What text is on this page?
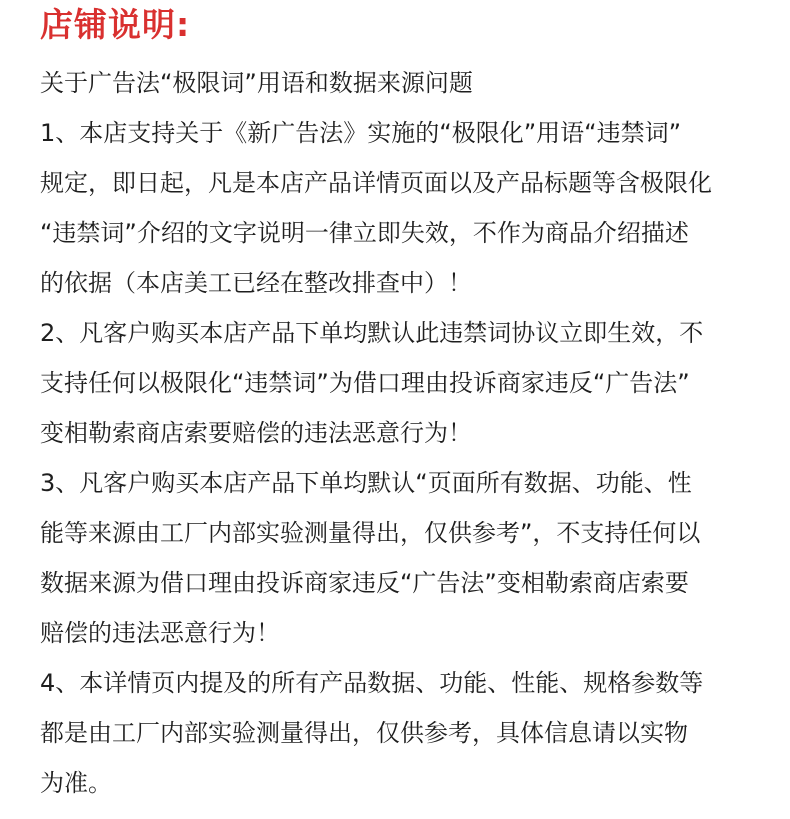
店铺说明:
关于广告法“极限词”用语和数据来源问题
1、本店支持关于《新广告法》实施的“极限化”用语“违禁词”
规定，即日起，凡是本店产品详情页面以及产品标题等含极限化
“违禁词”介绍的文字说明一律立即失效，不作为商品介绍描述
的依据（本店美工已经在整改排查中）！
2、凡客户购买本店产品下单均默认此违禁词协议立即生效，不
支持任何以极限化“违禁词”为借口理由投诉商家违反“广告法”
变相勒索商店索要赔偿的违法恶意行为！
3、凡客户购买本店产品下单均默认“页面所有数据、功能、性
能等来源由工厂内部实验测量得出，仅供参考”，不支持任何以
数据来源为借口理由投诉商家违反“广告法”变相勒索商店索要
赔偿的违法恶意行为！
4、本详情页内提及的所有产品数据、功能、性能、规格参数等
都是由工厂内部实验测量得出，仅供参考，具体信息请以实物
为准。
